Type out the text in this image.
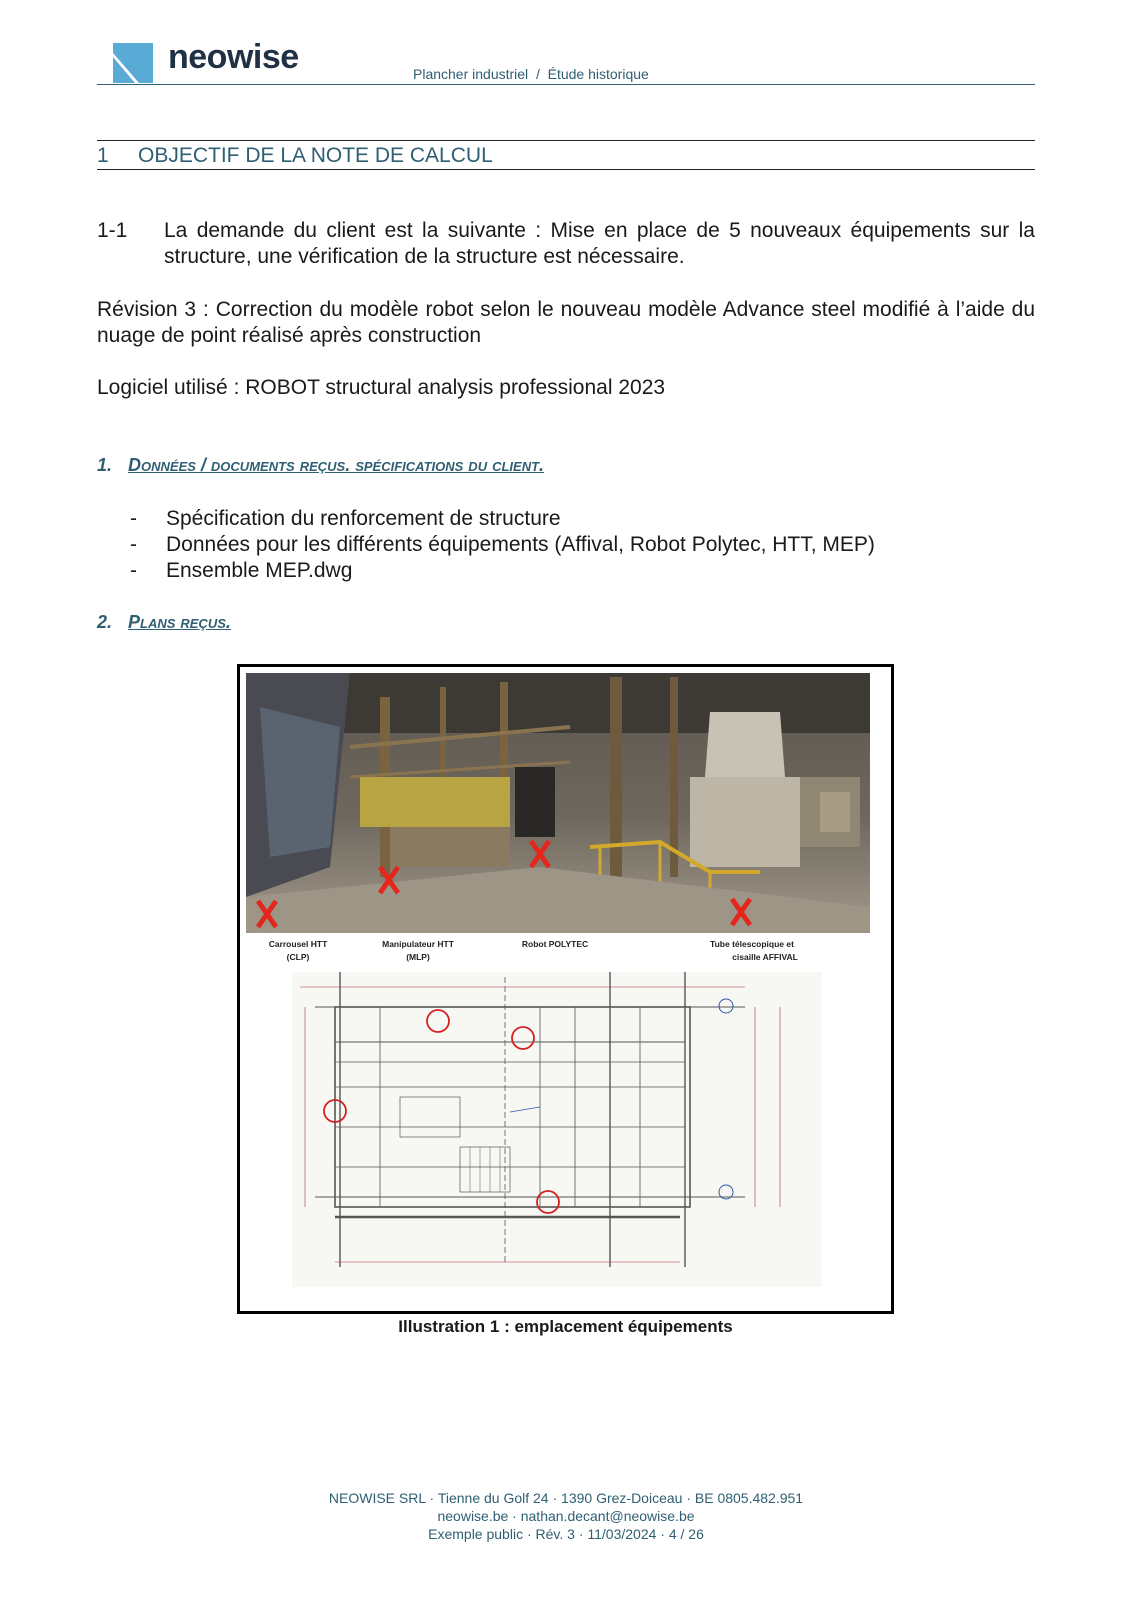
neowise	Plancher industriel  /  Étude historique
1 OBJECTIF DE LA NOTE DE CALCUL
1-1 La demande du client est la suivante : Mise en place de 5 nouveaux équipements sur la structure, une vérification de la structure est nécessaire.
Révision 3 : Correction du modèle robot selon le nouveau modèle Advance steel modifié à l’aide du nuage de point réalisé après construction
Logiciel utilisé : ROBOT structural analysis professional 2023
1. Données / documents reçus. spécifications du client.
- Spécification du renforcement de structure
- Données pour les différents équipements (Affival, Robot Polytec, HTT, MEP)
- Ensemble MEP.dwg
2. Plans reçus.
Carrousel HTT
(CLP)
Manipulateur HTT
(MLP)
Robot POLYTEC	Tube télescopique et
cisaille AFFIVAL
Illustration 1 : emplacement équipements
NEOWISE SRL · Tienne du Golf 24 · 1390 Grez-Doiceau · BE 0805.482.951
neowise.be · nathan.decant@neowise.be
Exemple public · Rév. 3 · 11/03/2024 · 4 / 26
